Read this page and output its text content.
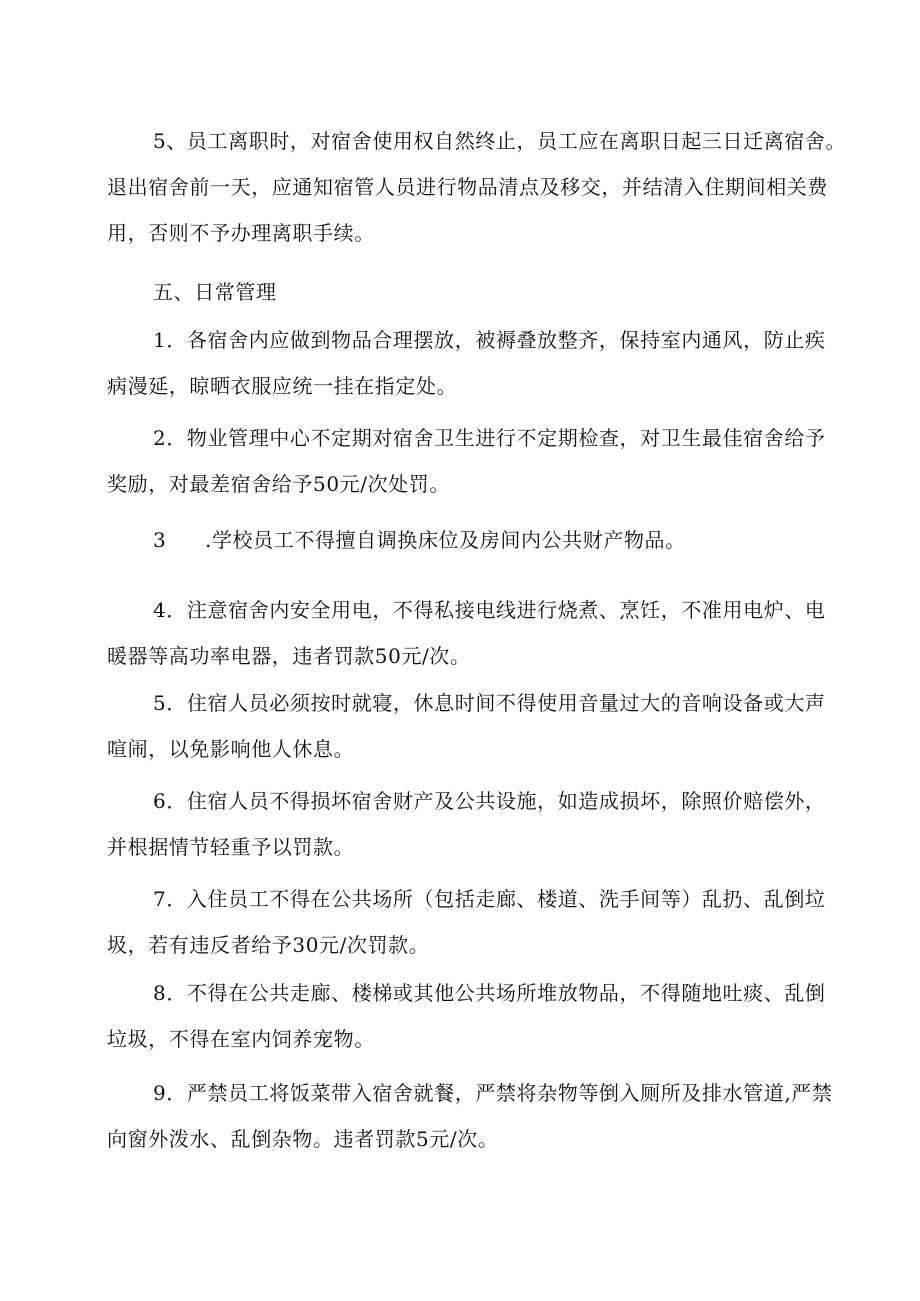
5、员工离职时，对宿舍使用权自然终止，员工应在离职日起三日迁离宿舍。
退出宿舍前一天，应通知宿管人员进行物品清点及移交，并结清入住期间相关费
用，否则不予办理离职手续。
五、日常管理
1．各宿舍内应做到物品合理摆放，被褥叠放整齐，保持室内通风，防止疾
病漫延，晾晒衣服应统一挂在指定处。
2．物业管理中心不定期对宿舍卫生进行不定期检查，对卫生最佳宿舍给予
奖励，对最差宿舍给予50元/次处罚。
3 .学校员工不得擅自调换床位及房间内公共财产物品。
4．注意宿舍内安全用电，不得私接电线进行烧煮、烹饪，不准用电炉、电
暖器等高功率电器，违者罚款50元/次。
5．住宿人员必须按时就寝，休息时间不得使用音量过大的音响设备或大声
喧闹，以免影响他人休息。
6．住宿人员不得损坏宿舍财产及公共设施，如造成损坏，除照价赔偿外，
并根据情节轻重予以罚款。
7．入住员工不得在公共场所（包括走廊、楼道、洗手间等）乱扔、乱倒垃
圾，若有违反者给予30元/次罚款。
8．不得在公共走廊、楼梯或其他公共场所堆放物品，不得随地吐痰、乱倒
垃圾，不得在室内饲养宠物。
9．严禁员工将饭菜带入宿舍就餐，严禁将杂物等倒入厕所及排水管道,严禁
向窗外泼水、乱倒杂物。违者罚款5元/次。
